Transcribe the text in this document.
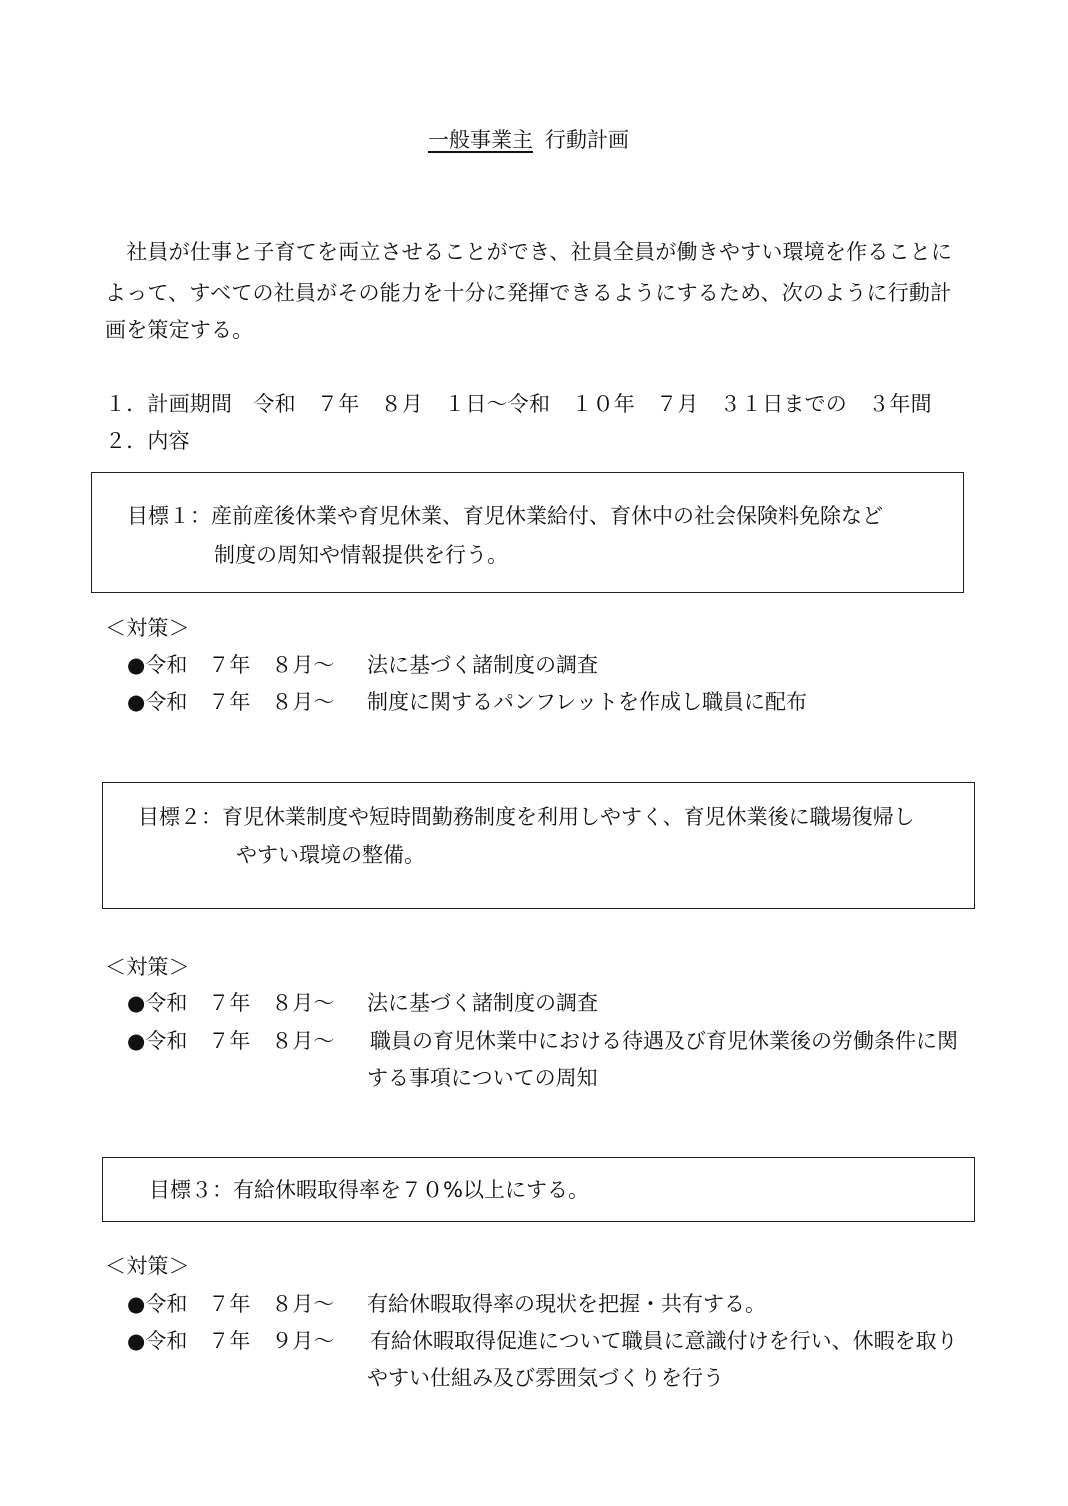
一般事業主 行動計画
　社員が仕事と子育てを両立させることができ、社員全員が働きやすい環境を作ることに
よって、すべての社員がその能力を十分に発揮できるようにするため、次のように行動計
画を策定する。
１．計画期間　令和　７年　８月　１日～令和　１０年　７月　３１日までの　３年間
２．内容
目標１：産前産後休業や育児休業、育児休業給付、育休中の社会保険料免除など
制度の周知や情報提供を行う。
＜対策＞
●令和　７年　８月～ 法に基づく諸制度の調査
●令和　７年　８月～ 制度に関するパンフレットを作成し職員に配布
目標２：育児休業制度や短時間勤務制度を利用しやすく、育児休業後に職場復帰し
やすい環境の整備。
＜対策＞
●令和　７年　８月～ 法に基づく諸制度の調査
●令和　７年　８月～ 職員の育児休業中における待遇及び育児休業後の労働条件に関
する事項についての周知
目標３：有給休暇取得率を７０%以上にする。
＜対策＞
●令和　７年　８月～ 有給休暇取得率の現状を把握・共有する。
●令和　７年　９月～ 有給休暇取得促進について職員に意識付けを行い、休暇を取り
やすい仕組み及び雰囲気づくりを行う
